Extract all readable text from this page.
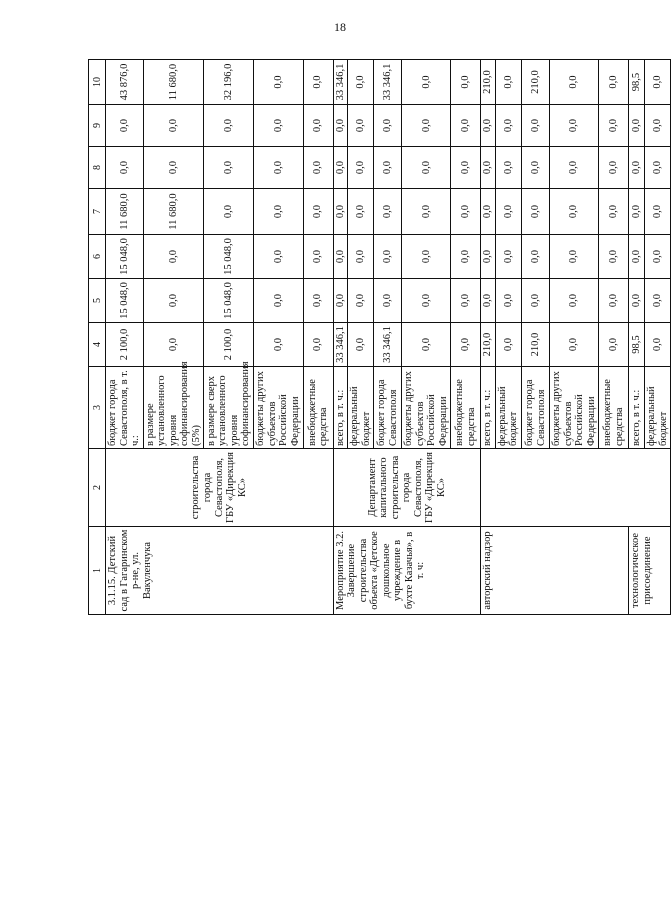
18
1	2	3	4	5	6	7	8	9	10
3.1.15. Детский сад в Гагаринском р-не, ул. Вакуленчука	строительства города Севастополя, ГБУ «Дирекция КС»	бюджет города Севастополя, в т. ч.:	2 100,0	15 048,0	15 048,0	11 680,0	0,0	0,0	43 876,0
		в размере установленного уровня софинансирования (5%)	0,0	0,0	0,0	11 680,0	0,0	0,0	11 680,0
		в размере сверх установленного уровня софинансирования	2 100,0	15 048,0	15 048,0	0,0	0,0	0,0	32 196,0
		бюджеты других субъектов Российской Федерации	0,0	0,0	0,0	0,0	0,0	0,0	0,0
		внебюджетные средства	0,0	0,0	0,0	0,0	0,0	0,0	0,0
Мероприятие 3.2. Завершение строительства объекта «Детское дошкольное учреждение в бухте Казачья», в т. ч:	Департамент капитального строительства города Севастополя, ГБУ «Дирекция КС»	всего, в т. ч.:	33 346,1	0,0	0,0	0,0	0,0	0,0	33 346,1
		федеральный бюджет	0,0	0,0	0,0	0,0	0,0	0,0	0,0
		бюджет города Севастополя	33 346,1	0,0	0,0	0,0	0,0	0,0	33 346,1
		бюджеты других субъектов Российской Федерации	0,0	0,0	0,0	0,0	0,0	0,0	0,0
		внебюджетные средства	0,0	0,0	0,0	0,0	0,0	0,0	0,0
авторский надзор		всего, в т. ч.:	210,0	0,0	0,0	0,0	0,0	0,0	210,0
		федеральный бюджет	0,0	0,0	0,0	0,0	0,0	0,0	0,0
		бюджет города Севастополя	210,0	0,0	0,0	0,0	0,0	0,0	210,0
		бюджеты других субъектов Российской Федерации	0,0	0,0	0,0	0,0	0,0	0,0	0,0
		внебюджетные средства	0,0	0,0	0,0	0,0	0,0	0,0	0,0
технологическое присоединение		всего, в т. ч.:	98,5	0,0	0,0	0,0	0,0	0,0	98,5
		федеральный бюджет	0,0	0,0	0,0	0,0	0,0	0,0	0,0
